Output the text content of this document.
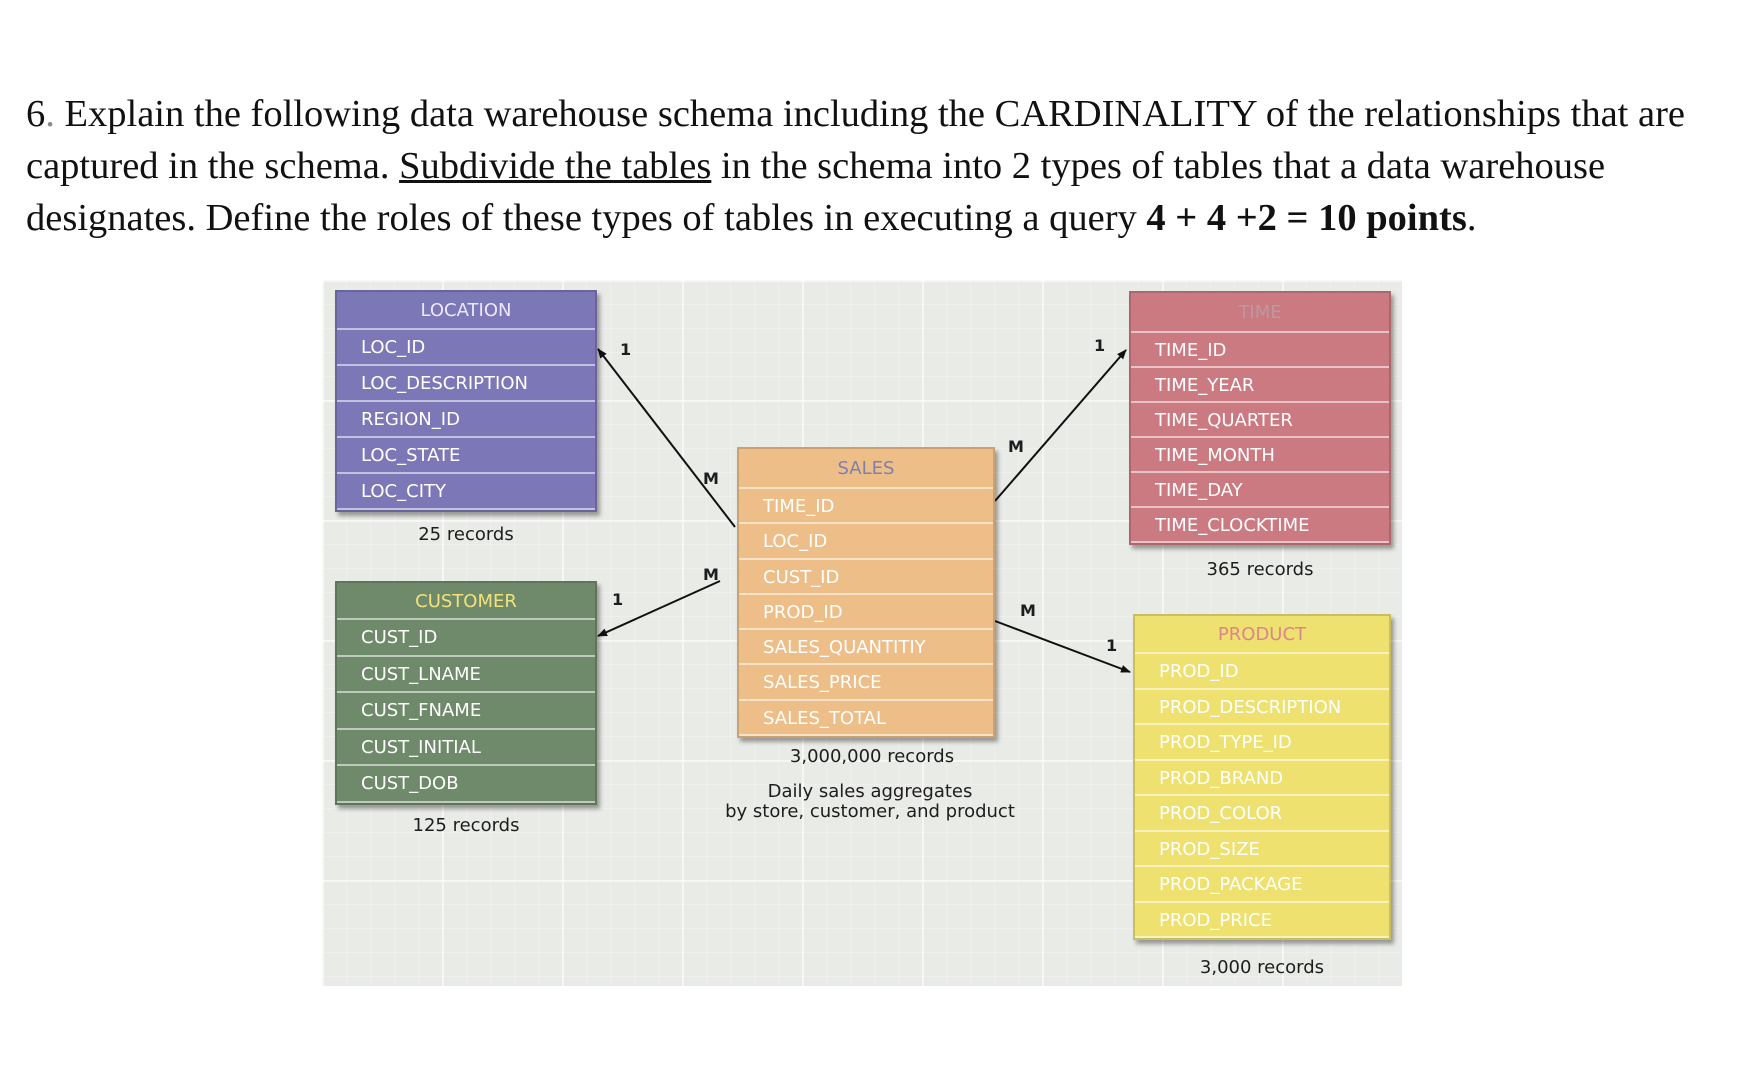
6. Explain the following data warehouse schema including the CARDINALITY of the relationships that are captured in the schema. Subdivide the tables in the schema into 2 types of tables that a data warehouse designates. Define the roles of these types of tables in executing a query 4 + 4 +2 = 10 points.
1
M
1
M
1
M
1
M
LOCATION
LOC_ID
LOC_DESCRIPTION
REGION_ID
LOC_STATE
LOC_CITY
25 records
CUSTOMER
CUST_ID
CUST_LNAME
CUST_FNAME
CUST_INITIAL
CUST_DOB
125 records
SALES
TIME_ID
LOC_ID
CUST_ID
PROD_ID
SALES_QUANTITIY
SALES_PRICE
SALES_TOTAL
3,000,000 records
Daily sales aggregates
by store, customer, and product
TIME
TIME_ID
TIME_YEAR
TIME_QUARTER
TIME_MONTH
TIME_DAY
TIME_CLOCKTIME
365 records
PRODUCT
PROD_ID
PROD_DESCRIPTION
PROD_TYPE_ID
PROD_BRAND
PROD_COLOR
PROD_SIZE
PROD_PACKAGE
PROD_PRICE
3,000 records
